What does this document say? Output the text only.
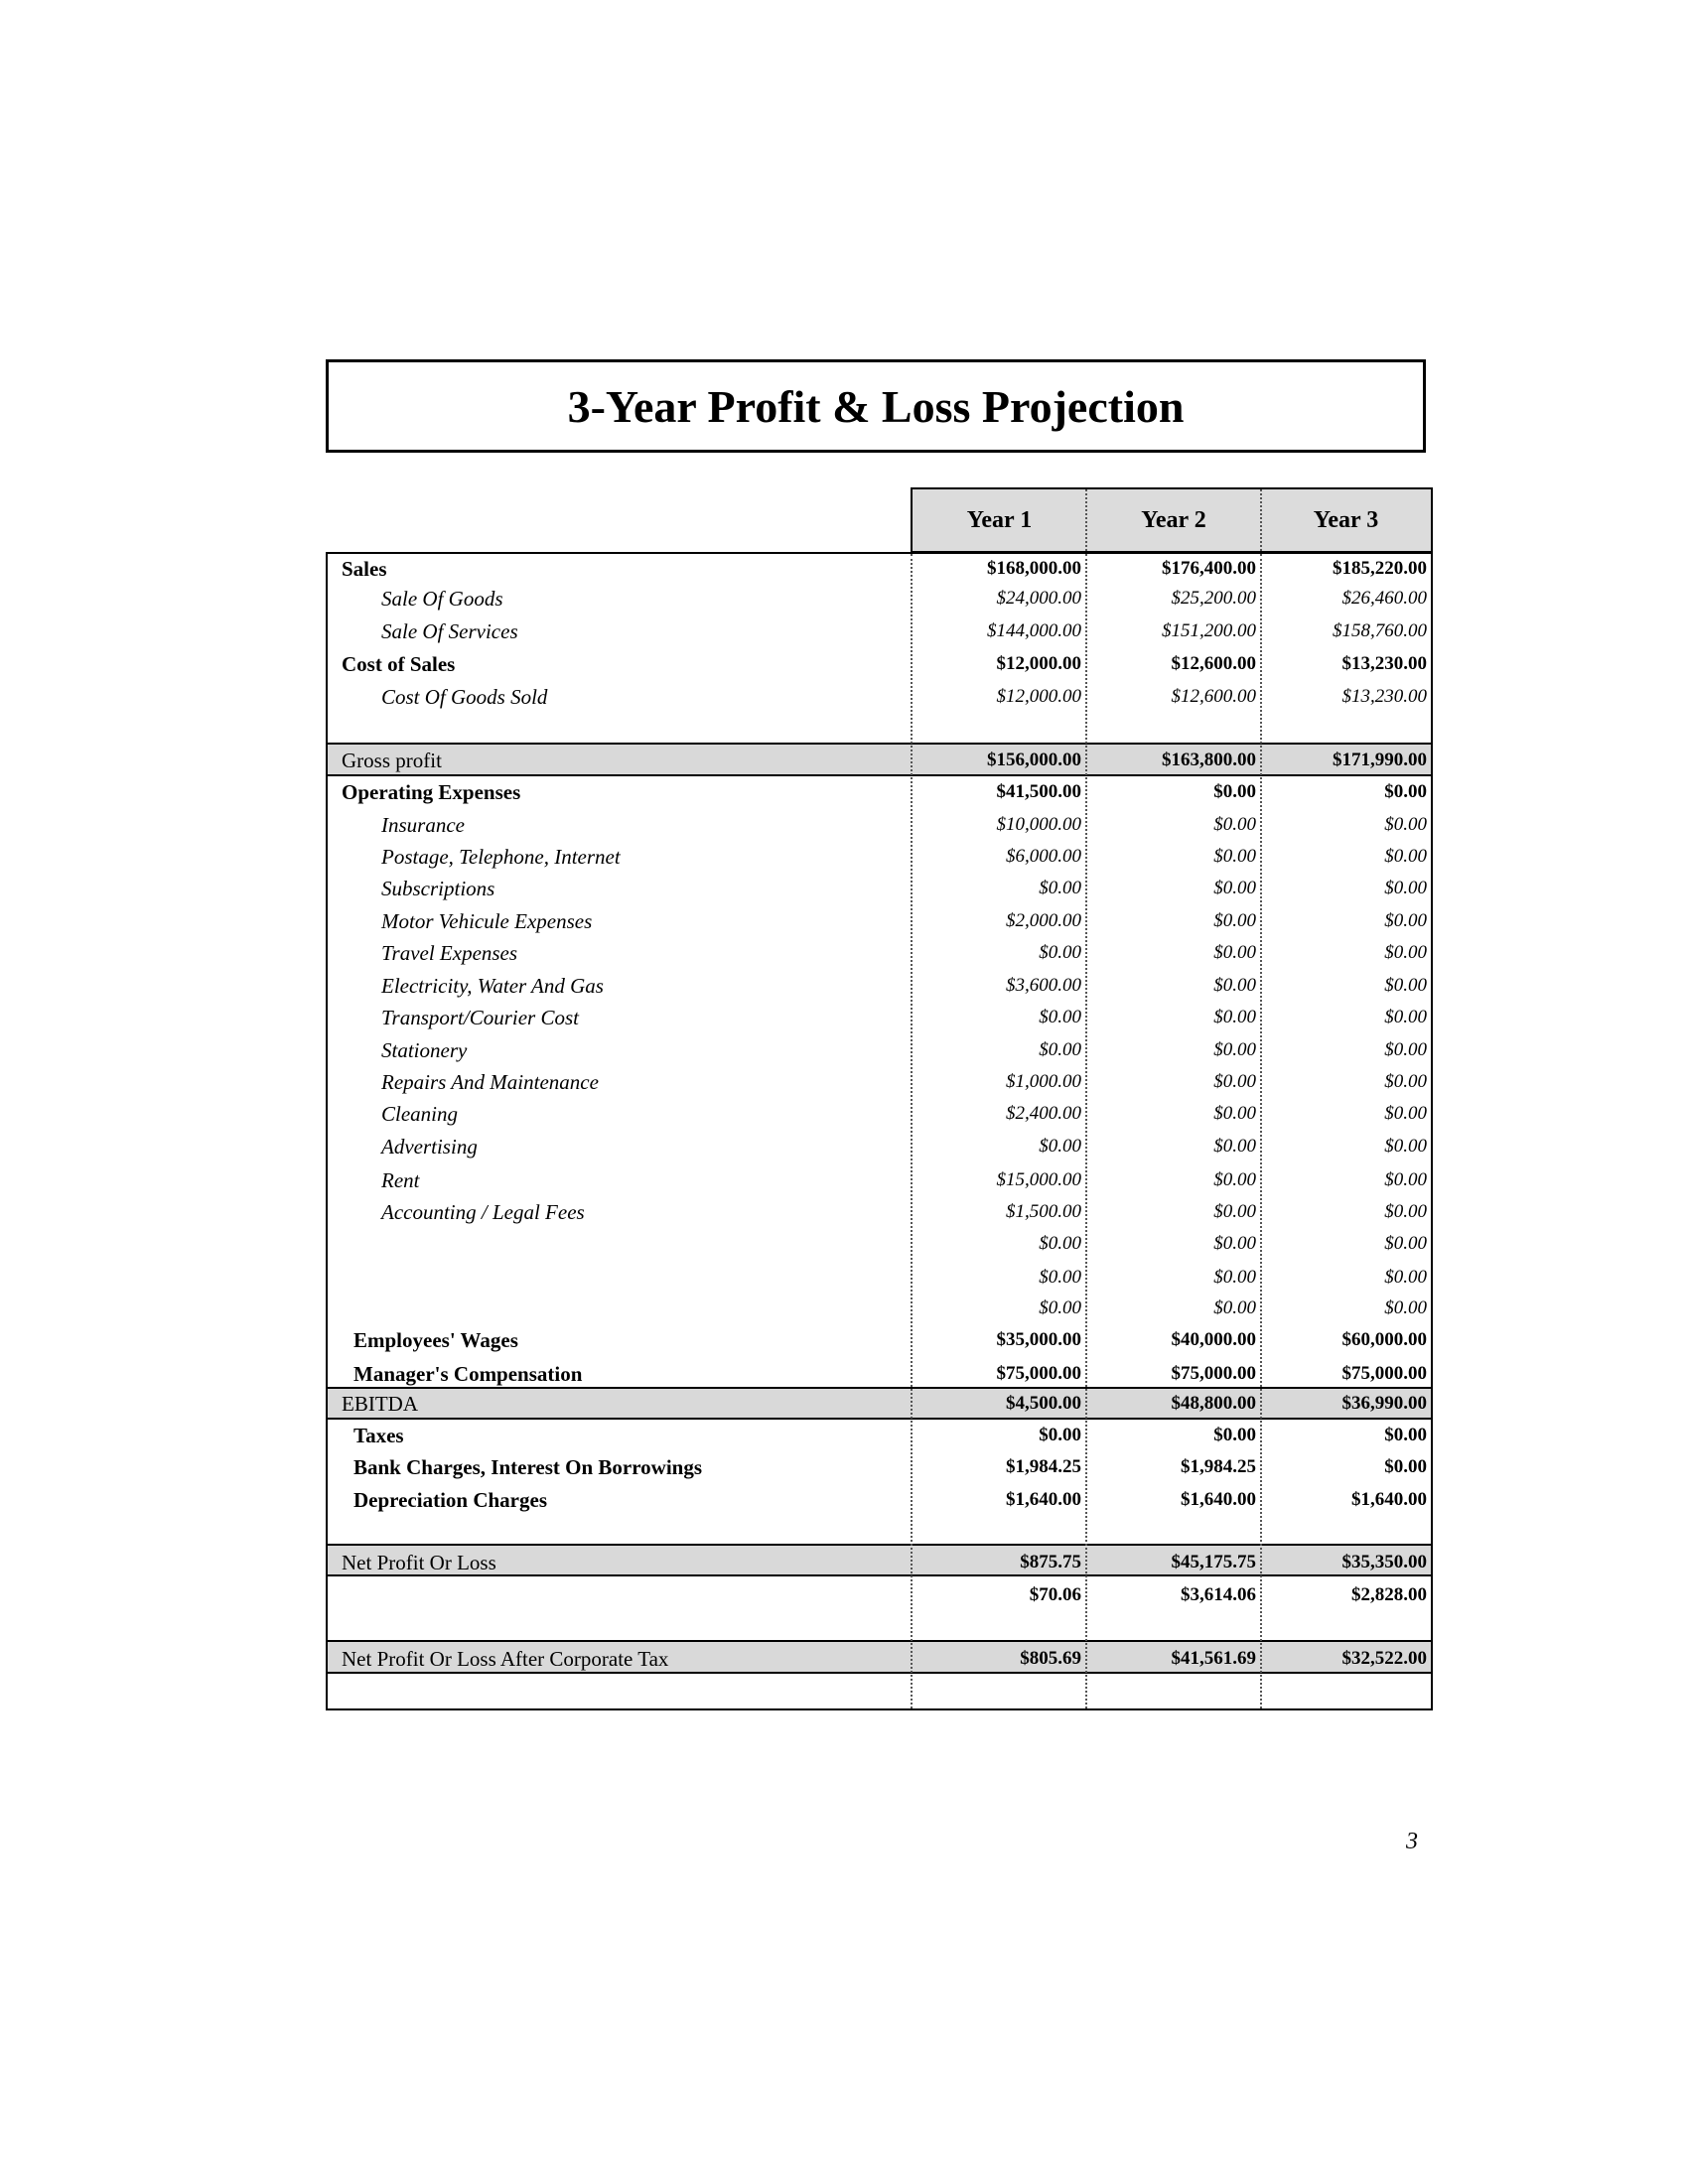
3-Year Profit & Loss Projection
Year 1	Year 2	Year 3
Sales	$168,000.00	$176,400.00	$185,220.00
Sale Of Goods	$24,000.00	$25,200.00	$26,460.00
Sale Of Services	$144,000.00	$151,200.00	$158,760.00
Cost of Sales	$12,000.00	$12,600.00	$13,230.00
Cost Of Goods Sold	$12,000.00	$12,600.00	$13,230.00
Gross profit	$156,000.00	$163,800.00	$171,990.00
Operating Expenses	$41,500.00	$0.00	$0.00
Insurance	$10,000.00	$0.00	$0.00
Postage, Telephone, Internet	$6,000.00	$0.00	$0.00
Subscriptions	$0.00	$0.00	$0.00
Motor Vehicule Expenses	$2,000.00	$0.00	$0.00
Travel Expenses	$0.00	$0.00	$0.00
Electricity, Water And Gas	$3,600.00	$0.00	$0.00
Transport/Courier Cost	$0.00	$0.00	$0.00
Stationery	$0.00	$0.00	$0.00
Repairs And Maintenance	$1,000.00	$0.00	$0.00
Cleaning	$2,400.00	$0.00	$0.00
Advertising	$0.00	$0.00	$0.00
Rent	$15,000.00	$0.00	$0.00
Accounting / Legal Fees	$1,500.00	$0.00	$0.00
$0.00	$0.00	$0.00
$0.00	$0.00	$0.00
$0.00	$0.00	$0.00
Employees' Wages	$35,000.00	$40,000.00	$60,000.00
Manager's Compensation	$75,000.00	$75,000.00	$75,000.00
EBITDA	$4,500.00	$48,800.00	$36,990.00
Taxes	$0.00	$0.00	$0.00
Bank Charges, Interest On Borrowings	$1,984.25	$1,984.25	$0.00
Depreciation Charges	$1,640.00	$1,640.00	$1,640.00
Net Profit Or Loss	$875.75	$45,175.75	$35,350.00
$70.06	$3,614.06	$2,828.00
Net Profit Or Loss After Corporate Tax	$805.69	$41,561.69	$32,522.00
3
